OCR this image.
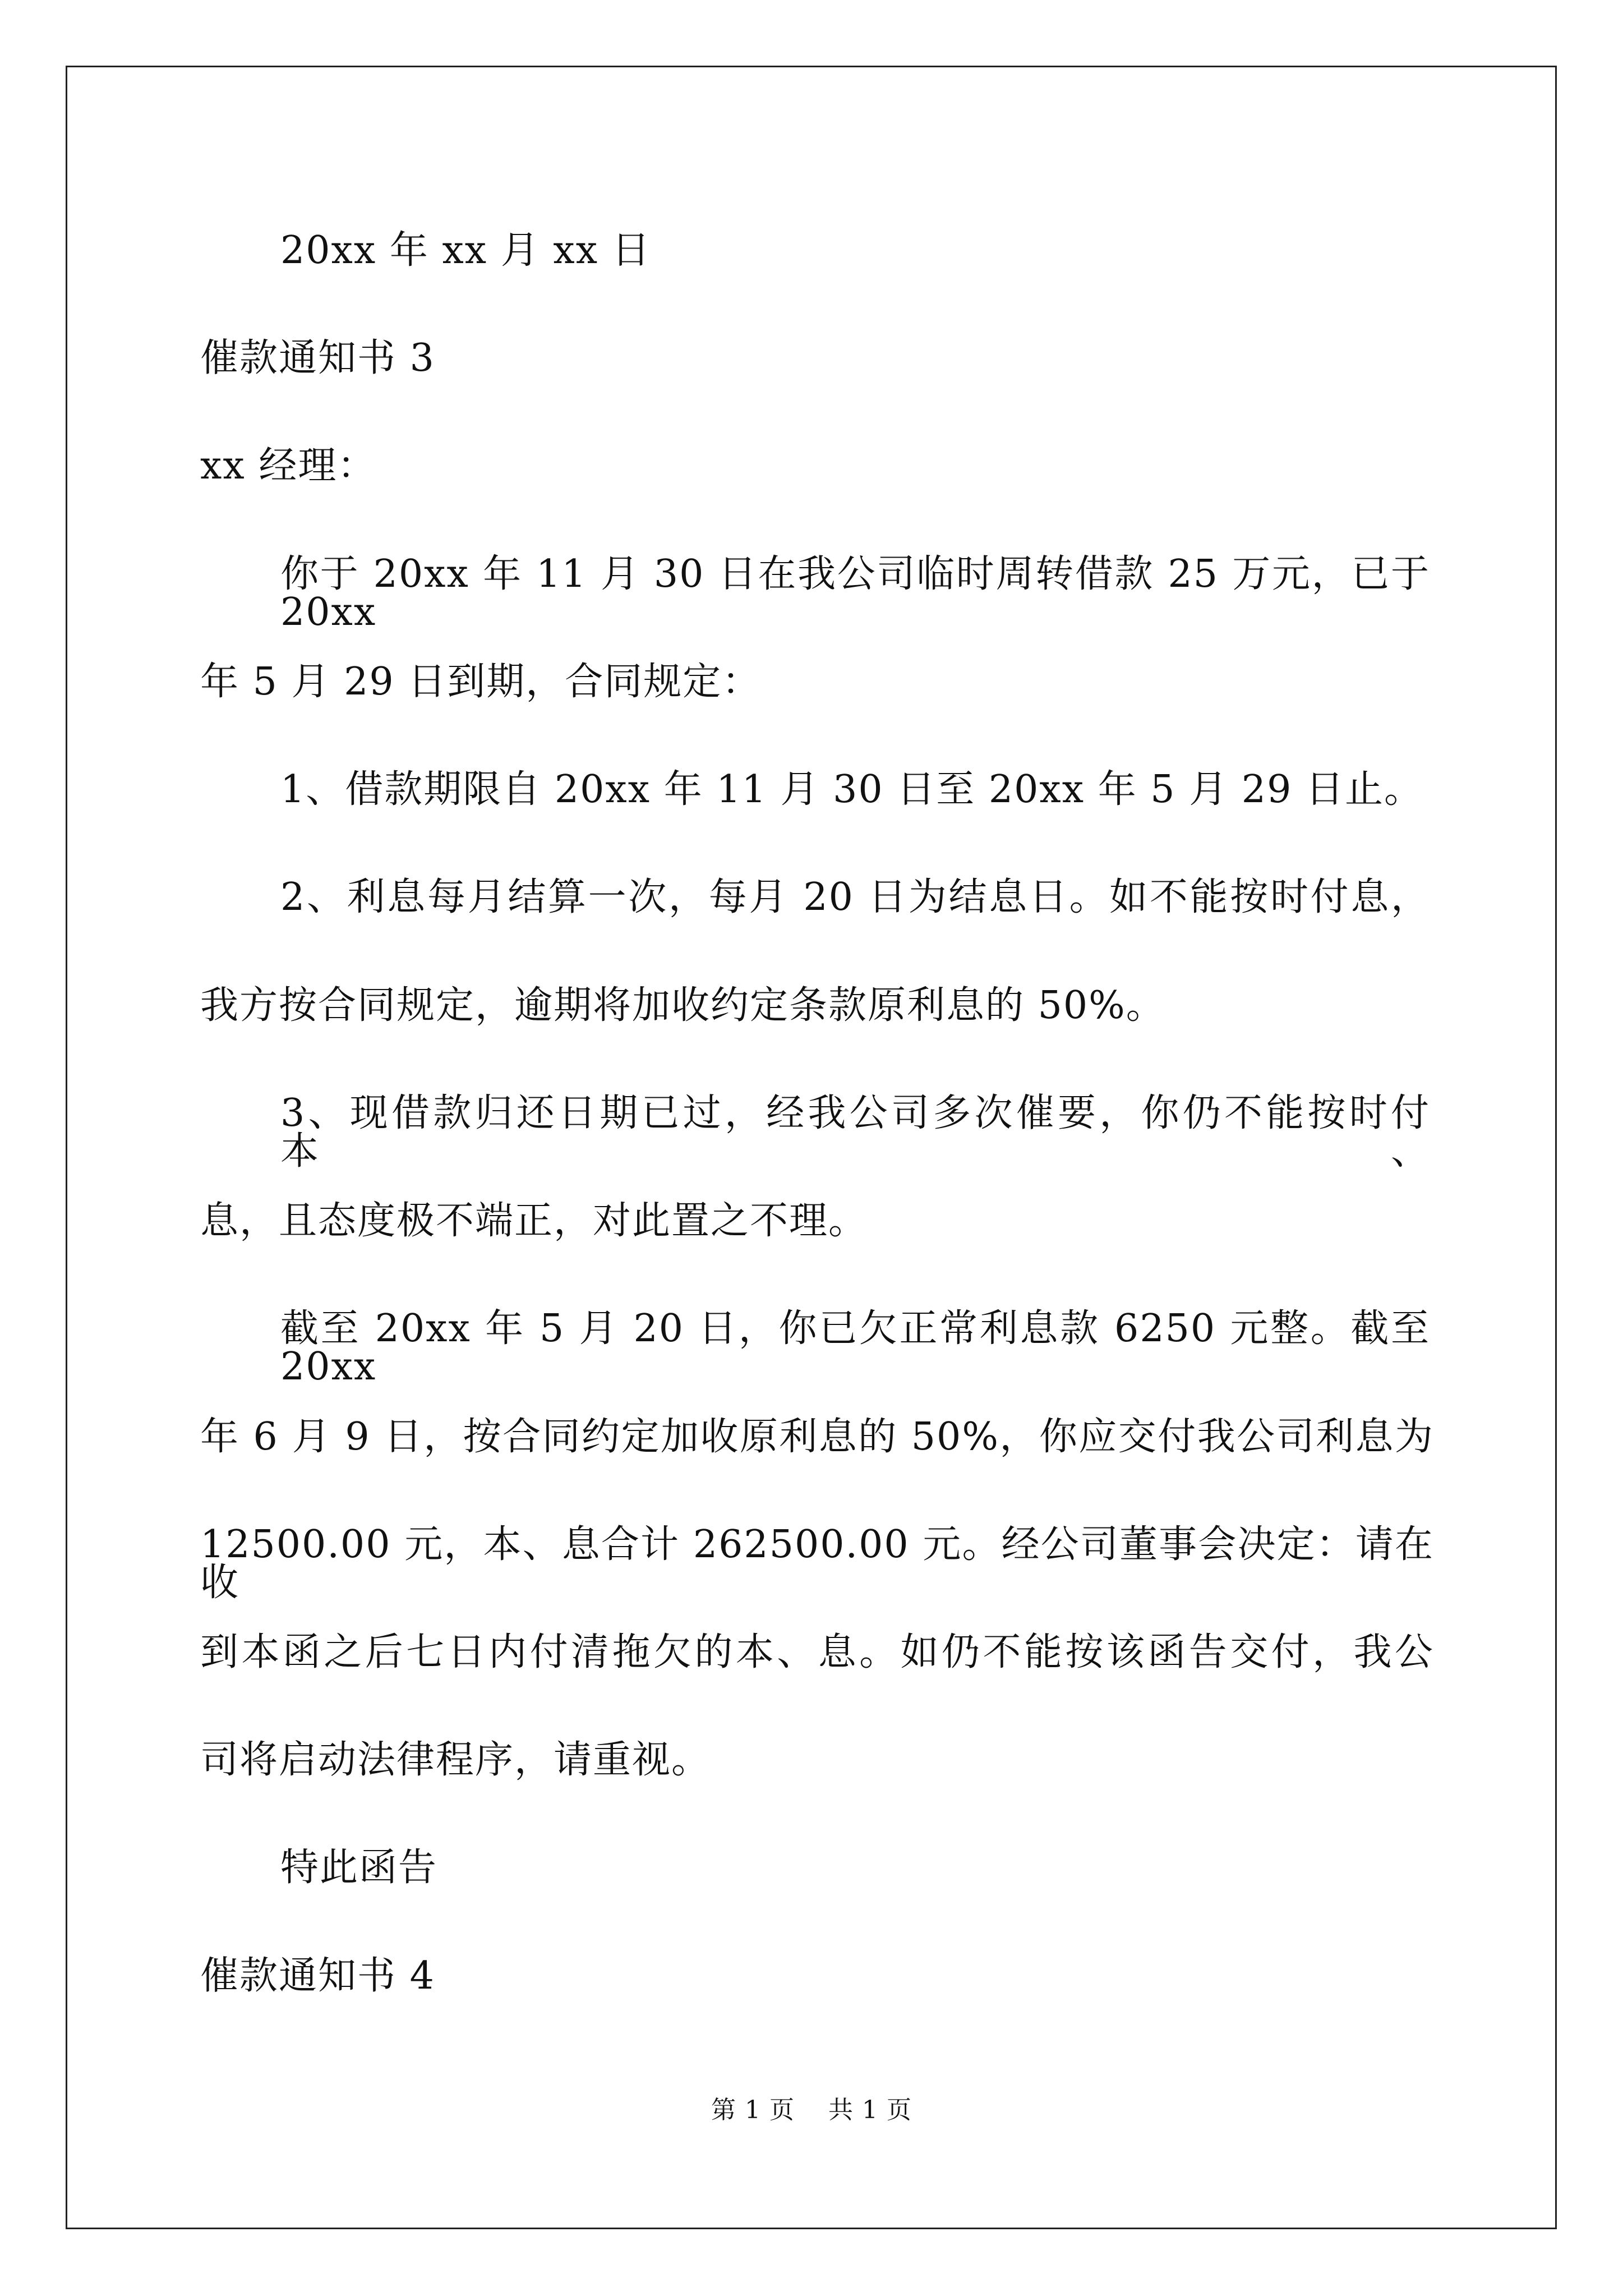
20xx 年 xx 月 xx 日
催款通知书 3
xx 经理：
你于 20xx 年 11 月 30 日在我公司临时周转借款 25 万元，已于 20xx
年 5 月 29 日到期，合同规定：
1、借款期限自 20xx 年 11 月 30 日至 20xx 年 5 月 29 日止。
2、利息每月结算一次，每月 20 日为结息日。如不能按时付息，
我方按合同规定，逾期将加收约定条款原利息的 50%。
3、现借款归还日期已过，经我公司多次催要，你仍不能按时付本、
息，且态度极不端正，对此置之不理。
截至 20xx 年 5 月 20 日，你已欠正常利息款 6250 元整。截至 20xx
年 6 月 9 日，按合同约定加收原利息的 50%，你应交付我公司利息为
12500.00 元，本、息合计 262500.00 元。经公司董事会决定：请在收
到本函之后七日内付清拖欠的本、息。如仍不能按该函告交付，我公
司将启动法律程序，请重视。
特此函告
催款通知书 4
第 1 页　 共 1 页
